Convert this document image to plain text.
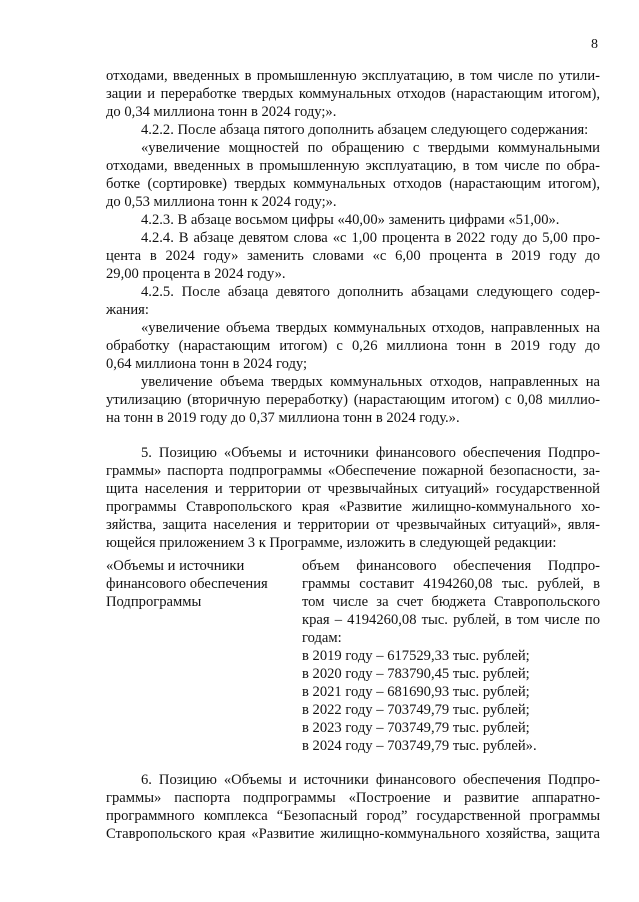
8
отходами, введенных в промышленную эксплуатацию, в том числе по утили-
зации и переработке твердых коммунальных отходов (нарастающим итогом),
до 0,34 миллиона тонн в 2024 году;».
4.2.2. После абзаца пятого дополнить абзацем следующего содержания:
«увеличение мощностей по обращению с твердыми коммунальными
отходами, введенных в промышленную эксплуатацию, в том числе по обра-
ботке (сортировке) твердых коммунальных отходов (нарастающим итогом),
до 0,53 миллиона тонн к 2024 году;».
4.2.3. В абзаце восьмом цифры «40,00» заменить цифрами «51,00».
4.2.4. В абзаце девятом слова «с 1,00 процента в 2022 году до 5,00 про-
цента в 2024 году» заменить словами «с 6,00 процента в 2019 году до
29,00 процента в 2024 году».
4.2.5. После абзаца девятого дополнить абзацами следующего содер-
жания:
«увеличение объема твердых коммунальных отходов, направленных на
обработку (нарастающим итогом) с 0,26 миллиона тонн в 2019 году до
0,64 миллиона тонн в 2024 году;
увеличение объема твердых коммунальных отходов, направленных на
утилизацию (вторичную переработку) (нарастающим итогом) с 0,08 миллио-
на тонн в 2019 году до 0,37 миллиона тонн в 2024 году.».
5. Позицию «Объемы и источники финансового обеспечения Подпро-
граммы» паспорта подпрограммы «Обеспечение пожарной безопасности, за-
щита населения и территории от чрезвычайных ситуаций» государственной
программы Ставропольского края «Развитие жилищно-коммунального хо-
зяйства, защита населения и территории от чрезвычайных ситуаций», явля-
ющейся приложением 3 к Программе, изложить в следующей редакции:
«Объемы и источники
финансового обеспечения
Подпрограммы
объем финансового обеспечения Подпро-
граммы составит 4194260,08 тыс. рублей, в
том числе за счет бюджета Ставропольского
края – 4194260,08 тыс. рублей, в том числе по
годам:
в 2019 году – 617529,33 тыс. рублей;
в 2020 году – 783790,45 тыс. рублей;
в 2021 году – 681690,93 тыс. рублей;
в 2022 году – 703749,79 тыс. рублей;
в 2023 году – 703749,79 тыс. рублей;
в 2024 году – 703749,79 тыс. рублей».
6. Позицию «Объемы и источники финансового обеспечения Подпро-
граммы» паспорта подпрограммы «Построение и развитие аппаратно-
программного комплекса “Безопасный город” государственной программы
Ставропольского края «Развитие жилищно-коммунального хозяйства, защита
